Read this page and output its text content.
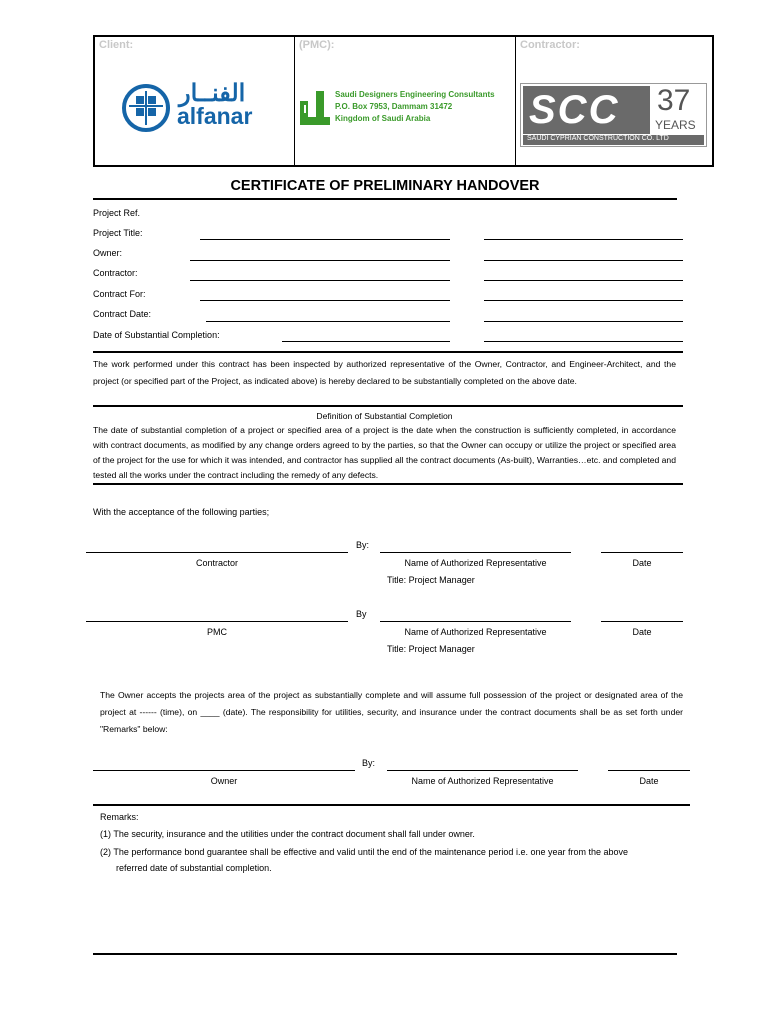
Client:
الفنــار
alfanar
(PMC):
Saudi Designers Engineering Consultants
P.O. Box 7953, Dammam 31472
Kingdom of Saudi Arabia
Contractor:
SCC 37
YEARS
SAUDI CYPRIAN CONSTRUCTION CO. LTD
CERTIFICATE OF PRELIMINARY HANDOVER
Project Ref.
Project Title:
Owner:
Contractor:
Contract For:
Contract Date:
Date of Substantial Completion:
The work performed under this contract has been inspected by authorized representative of the Owner, Contractor, and Engineer-Architect, and the project (or specified part of the Project, as indicated above) is hereby declared to be substantially completed on the above date.
Definition of Substantial Completion
The date of substantial completion of a project or specified area of a project is the date when the construction is sufficiently completed, in accordance with contract documents, as modified by any change orders agreed to by the parties, so that the Owner can occupy or utilize the project or specified area of the project for the use for which it was intended, and contractor has supplied all the contract documents (As-built), Warranties…etc. and completed and tested all the works under the contract including the remedy of any defects.
With the acceptance of the following parties;
By:
Contractor	Name of Authorized Representative	Date
Title: Project Manager
By
PMC	Name of Authorized Representative	Date
Title: Project Manager
The Owner accepts the projects area of the project as substantially complete and will assume full possession of the project or designated area of the project at ------ (time), on ____ (date). The responsibility for utilities, security, and insurance under the contract documents shall be as set forth under "Remarks" below:
By:
Owner	Name of Authorized Representative	Date
Remarks:
(1) The security, insurance and the utilities under the contract document shall fall under owner.
(2) The performance bond guarantee shall be effective and valid until the end of the maintenance period i.e. one year from the above
referred date of substantial completion.
